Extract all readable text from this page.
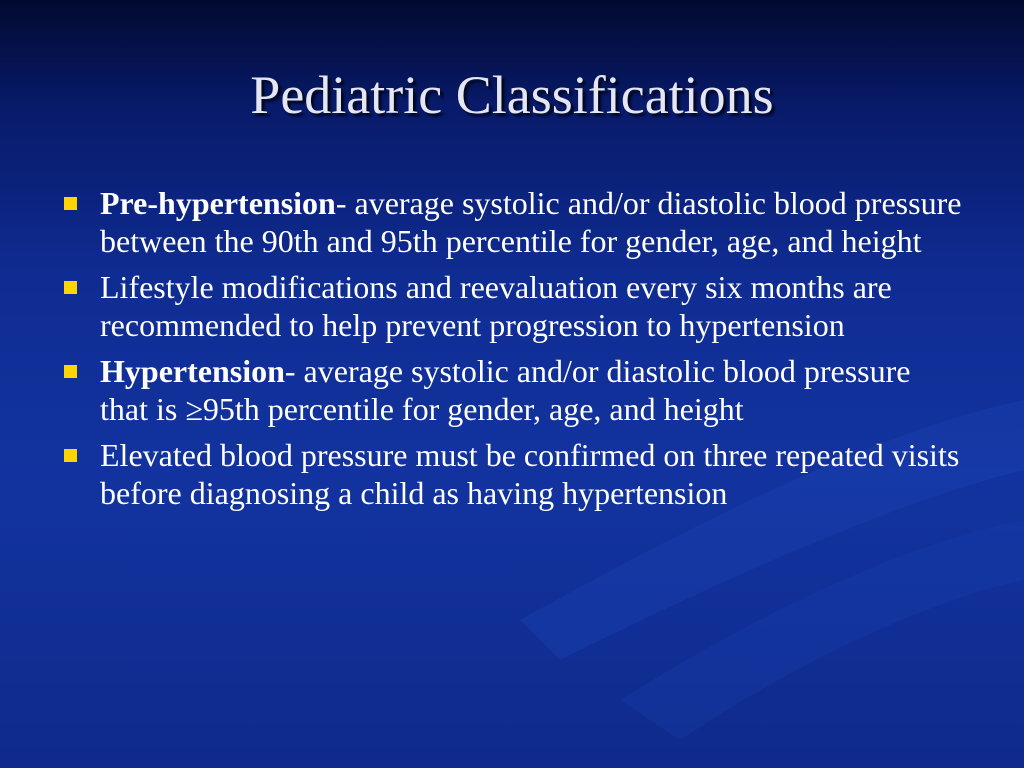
Pediatric Classifications
Pre-hypertension- average systolic and/or diastolic blood pressure between the 90th and 95th percentile for gender, age, and height
Lifestyle modifications and reevaluation every six months are recommended to help prevent progression to hypertension
Hypertension- average systolic and/or diastolic blood pressure that is ≥95th percentile for gender, age, and height
Elevated blood pressure must be confirmed on three repeated visits before diagnosing a child as having hypertension
